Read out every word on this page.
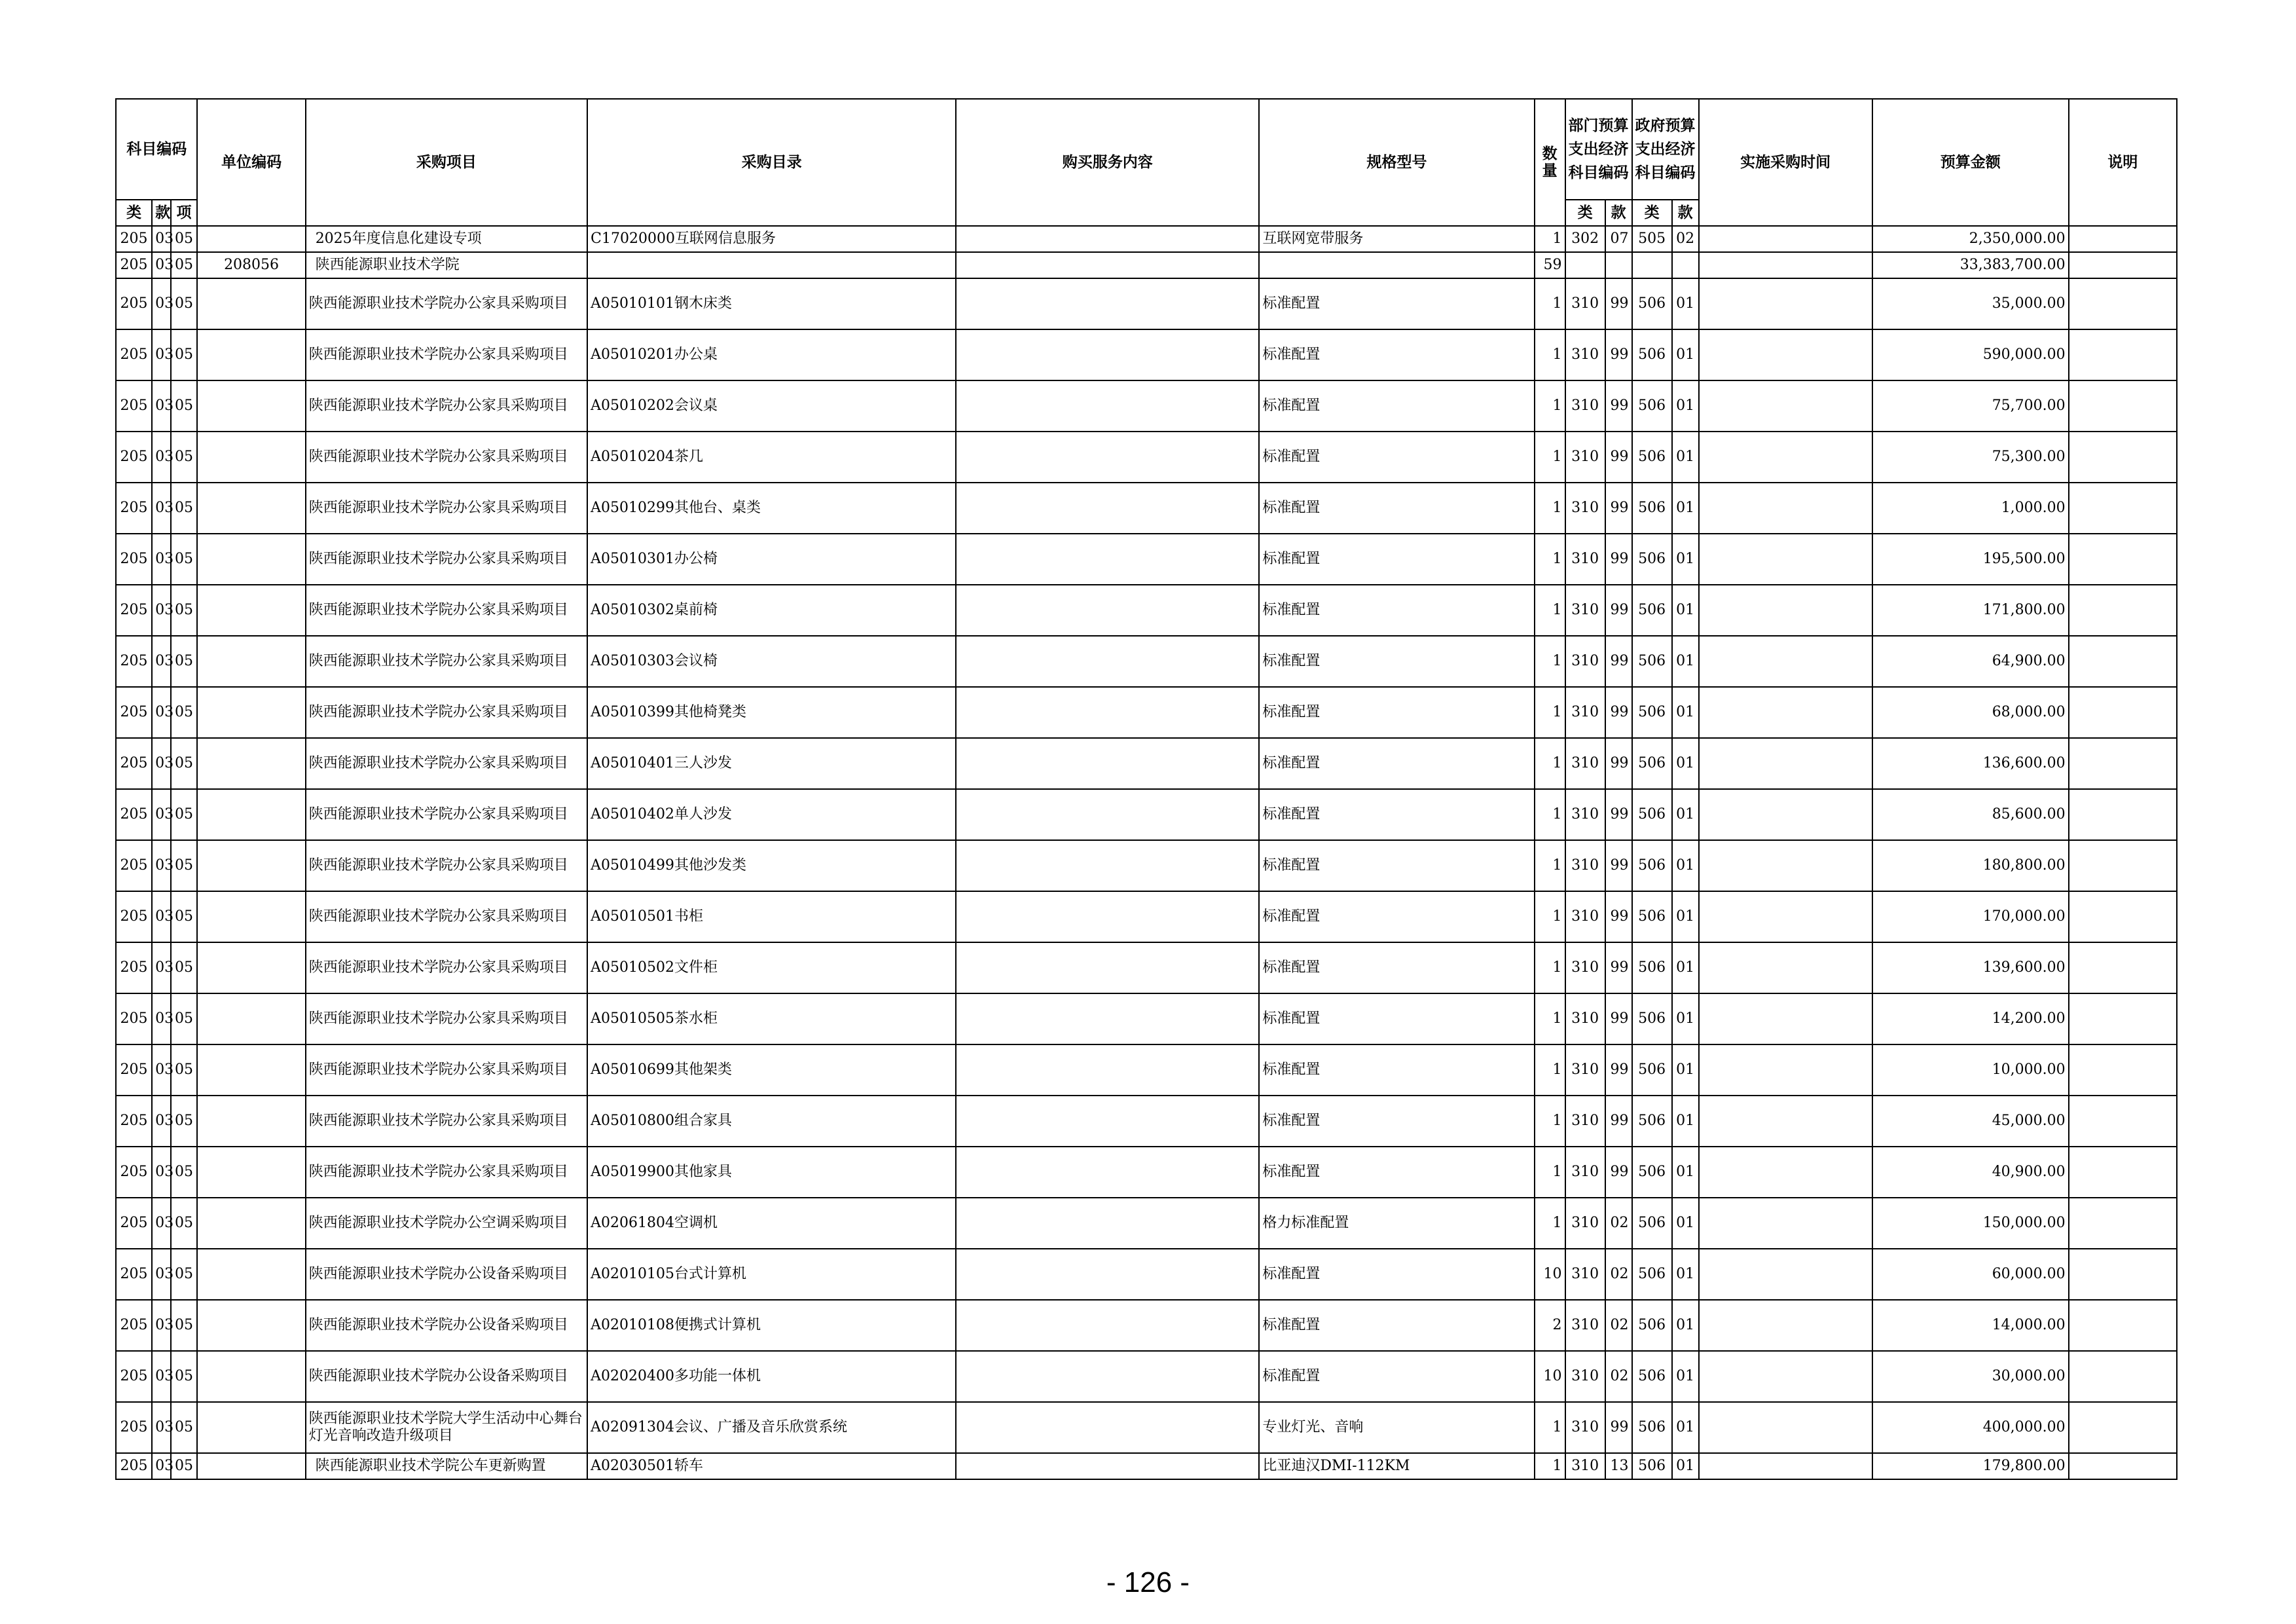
科目编码			单位编码	采购项目	采购目录	购买服务内容	规格型号	数量	部门预算支出经济科目编码		政府预算支出经济科目编码		实施采购时间	预算金额	说明

类	款	项							类	款	类	款			
205	03	05		2025年度信息化建设专项	C17020000互联网信息服务		互联网宽带服务	1	302	07	505	02		2,350,000.00	
205	03	05	208056	陕西能源职业技术学院				59						33,383,700.00	
205	03	05		陕西能源职业技术学院办公家具采购项目	A05010101钢木床类		标准配置	1	310	99	506	01		35,000.00	
205	03	05		陕西能源职业技术学院办公家具采购项目	A05010201办公桌		标准配置	1	310	99	506	01		590,000.00	
205	03	05		陕西能源职业技术学院办公家具采购项目	A05010202会议桌		标准配置	1	310	99	506	01		75,700.00	
205	03	05		陕西能源职业技术学院办公家具采购项目	A05010204茶几		标准配置	1	310	99	506	01		75,300.00	
205	03	05		陕西能源职业技术学院办公家具采购项目	A05010299其他台、桌类		标准配置	1	310	99	506	01		1,000.00	
205	03	05		陕西能源职业技术学院办公家具采购项目	A05010301办公椅		标准配置	1	310	99	506	01		195,500.00	
205	03	05		陕西能源职业技术学院办公家具采购项目	A05010302桌前椅		标准配置	1	310	99	506	01		171,800.00	
205	03	05		陕西能源职业技术学院办公家具采购项目	A05010303会议椅		标准配置	1	310	99	506	01		64,900.00	
205	03	05		陕西能源职业技术学院办公家具采购项目	A05010399其他椅凳类		标准配置	1	310	99	506	01		68,000.00	
205	03	05		陕西能源职业技术学院办公家具采购项目	A05010401三人沙发		标准配置	1	310	99	506	01		136,600.00	
205	03	05		陕西能源职业技术学院办公家具采购项目	A05010402单人沙发		标准配置	1	310	99	506	01		85,600.00	
205	03	05		陕西能源职业技术学院办公家具采购项目	A05010499其他沙发类		标准配置	1	310	99	506	01		180,800.00	
205	03	05		陕西能源职业技术学院办公家具采购项目	A05010501书柜		标准配置	1	310	99	506	01		170,000.00	
205	03	05		陕西能源职业技术学院办公家具采购项目	A05010502文件柜		标准配置	1	310	99	506	01		139,600.00	
205	03	05		陕西能源职业技术学院办公家具采购项目	A05010505茶水柜		标准配置	1	310	99	506	01		14,200.00	
205	03	05		陕西能源职业技术学院办公家具采购项目	A05010699其他架类		标准配置	1	310	99	506	01		10,000.00	
205	03	05		陕西能源职业技术学院办公家具采购项目	A05010800组合家具		标准配置	1	310	99	506	01		45,000.00	
205	03	05		陕西能源职业技术学院办公家具采购项目	A05019900其他家具		标准配置	1	310	99	506	01		40,900.00	
205	03	05		陕西能源职业技术学院办公空调采购项目	A02061804空调机		格力标准配置	1	310	02	506	01		150,000.00	
205	03	05		陕西能源职业技术学院办公设备采购项目	A02010105台式计算机		标准配置	10	310	02	506	01		60,000.00	
205	03	05		陕西能源职业技术学院办公设备采购项目	A02010108便携式计算机		标准配置	2	310	02	506	01		14,000.00	
205	03	05		陕西能源职业技术学院办公设备采购项目	A02020400多功能一体机		标准配置	10	310	02	506	01		30,000.00	
205	03	05		陕西能源职业技术学院大学生活动中心舞台灯光音响改造升级项目	A02091304会议、广播及音乐欣赏系统		专业灯光、音响	1	310	99	506	01		400,000.00	
205	03	05		陕西能源职业技术学院公车更新购置	A02030501轿车		比亚迪汉DMI-112KM	1	310	13	506	01		179,800.00	
- 126 -
